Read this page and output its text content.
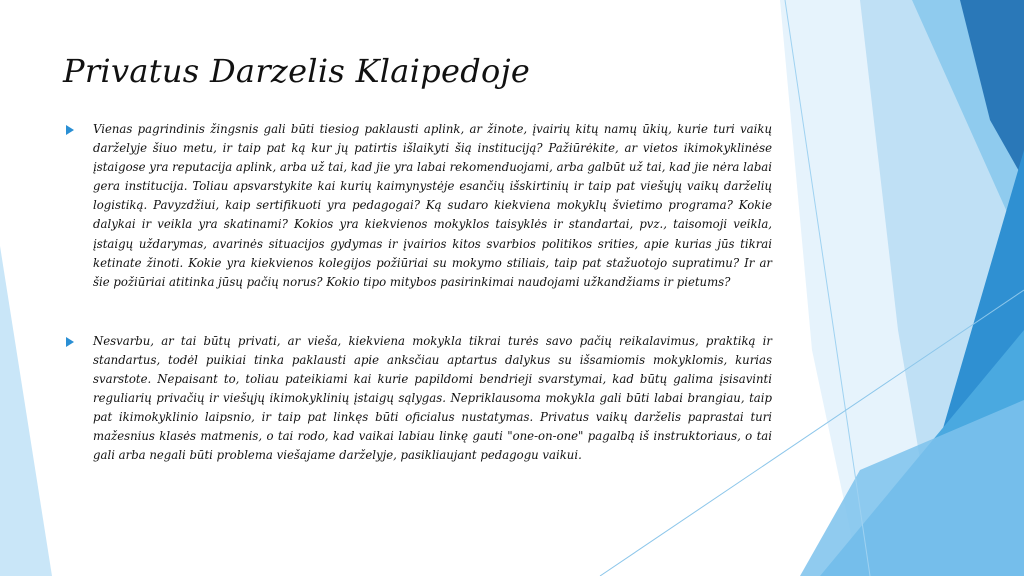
Privatus Darzelis Klaipedoje

Vienas pagrindinis žingsnis gali būti tiesiog paklausti aplink, ar žinote, įvairių kitų namų ūkių, kurie turi vaikų darželyje šiuo metu, ir taip pat ką kur jų patirtis išlaikyti šią instituciją? Pažiūrėkite, ar vietos ikimokyklinėse įstaigose yra reputacija aplink, arba už tai, kad jie yra labai rekomenduojami, arba galbūt už tai, kad jie nėra labai gera institucija. Toliau apsvarstykite kai kurių kaimynystėje esančių išskirtinių ir taip pat viešųjų vaikų darželių logistiką. Pavyzdžiui, kaip sertifikuoti yra pedagogai? Ką sudaro kiekviena mokyklų švietimo programa? Kokie dalykai ir veikla yra skatinami? Kokios yra kiekvienos mokyklos taisyklės ir standartai, pvz., taisomoji veikla, įstaigų uždarymas, avarinės situacijos gydymas ir įvairios kitos svarbios politikos srities, apie kurias jūs tikrai ketinate žinoti. Kokie yra kiekvienos kolegijos požiūriai su mokymo stiliais, taip pat stažuotojo supratimu? Ir ar šie požiūriai atitinka jūsų pačių norus? Kokio tipo mitybos pasirinkimai naudojami užkandžiams ir pietums?

Nesvarbu, ar tai būtų privati, ar vieša, kiekviena mokykla tikrai turės savo pačių reikalavimus, praktiką ir standartus, todėl puikiai tinka paklausti apie anksčiau aptartus dalykus su išsamiomis mokyklomis, kurias svarstote. Nepaisant to, toliau pateikiami kai kurie papildomi bendrieji svarstymai, kad būtų galima įsisavinti reguliarių privačių ir viešųjų ikimokyklinių įstaigų sąlygas. Nepriklausoma mokykla gali būti labai brangiau, taip pat ikimokyklinio laipsnio, ir taip pat linkęs būti oficialus nustatymas. Privatus vaikų darželis paprastai turi mažesnius klasės matmenis, o tai rodo, kad vaikai labiau linkę gauti "one-on-one" pagalbą iš instruktoriaus, o tai gali arba negali būti problema viešajame darželyje, pasikliaujant pedagogu vaikui.
